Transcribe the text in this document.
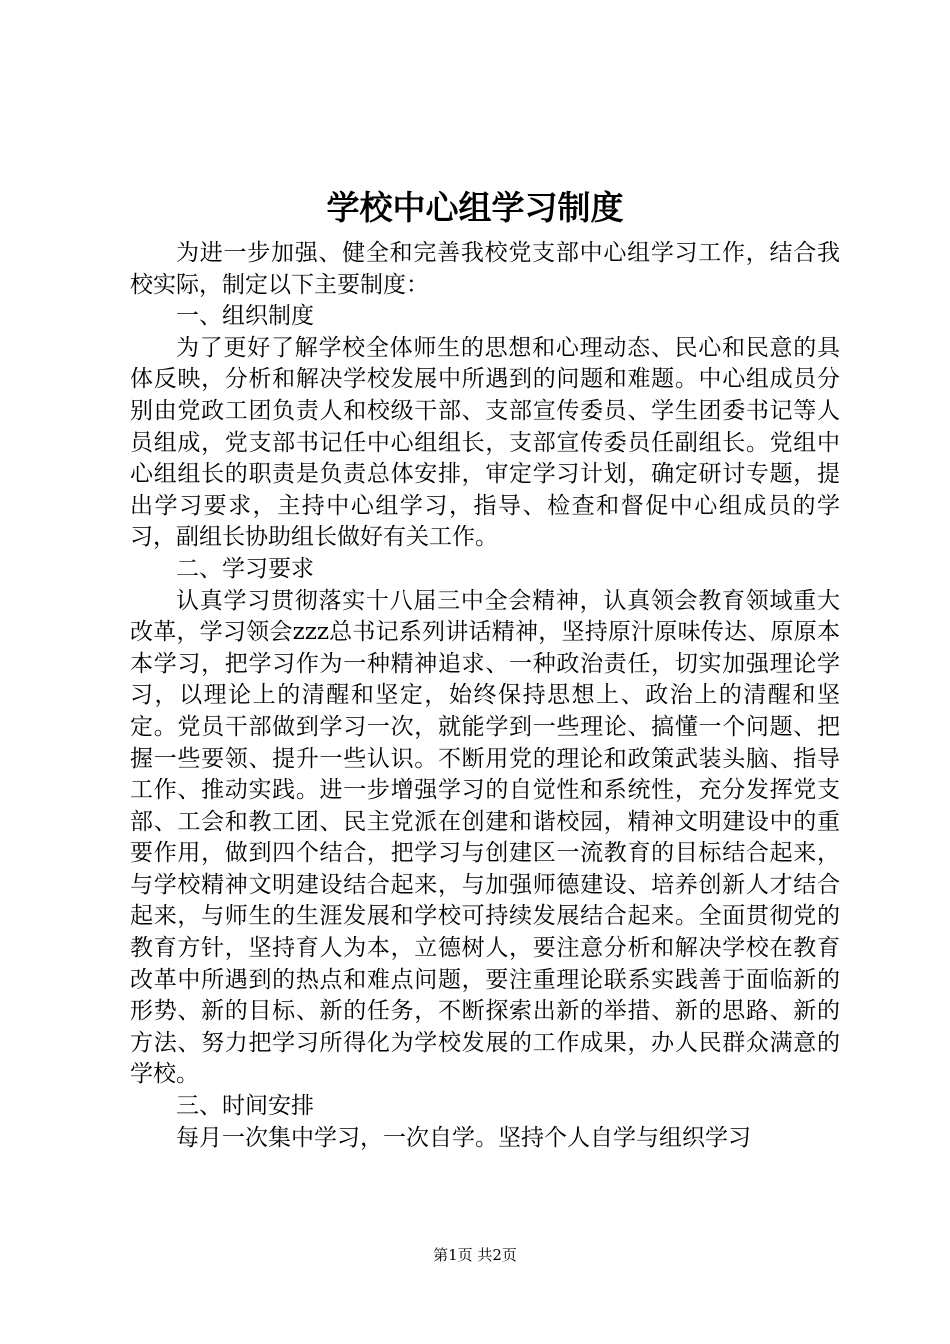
学校中心组学习制度

为进一步加强、健全和完善我校党支部中心组学习工作，结合我校实际，制定以下主要制度：

一、组织制度

为了更好了解学校全体师生的思想和心理动态、民心和民意的具体反映，分析和解决学校发展中所遇到的问题和难题。中心组成员分别由党政工团负责人和校级干部、支部宣传委员、学生团委书记等人员组成，党支部书记任中心组组长，支部宣传委员任副组长。党组中心组组长的职责是负责总体安排，审定学习计划，确定研讨专题，提出学习要求，主持中心组学习，指导、检查和督促中心组成员的学习，副组长协助组长做好有关工作。

二、学习要求

认真学习贯彻落实十八届三中全会精神，认真领会教育领域重大改革，学习领会zzz总书记系列讲话精神，坚持原汁原味传达、原原本本学习，把学习作为一种精神追求、一种政治责任，切实加强理论学习，以理论上的清醒和坚定，始终保持思想上、政治上的清醒和坚定。党员干部做到学习一次，就能学到一些理论、搞懂一个问题、把握一些要领、提升一些认识。不断用党的理论和政策武装头脑、指导工作、推动实践。进一步增强学习的自觉性和系统性，充分发挥党支部、工会和教工团、民主党派在创建和谐校园，精神文明建设中的重要作用，做到四个结合，把学习与创建区一流教育的目标结合起来，与学校精神文明建设结合起来，与加强师德建设、培养创新人才结合起来，与师生的生涯发展和学校可持续发展结合起来。全面贯彻党的教育方针，坚持育人为本，立德树人，要注意分析和解决学校在教育改革中所遇到的热点和难点问题，要注重理论联系实践善于面临新的形势、新的目标、新的任务，不断探索出新的举措、新的思路、新的方法、努力把学习所得化为学校发展的工作成果，办人民群众满意的学校。

三、时间安排

每月一次集中学习，一次自学。坚持个人自学与组织学习

第1页 共2页
